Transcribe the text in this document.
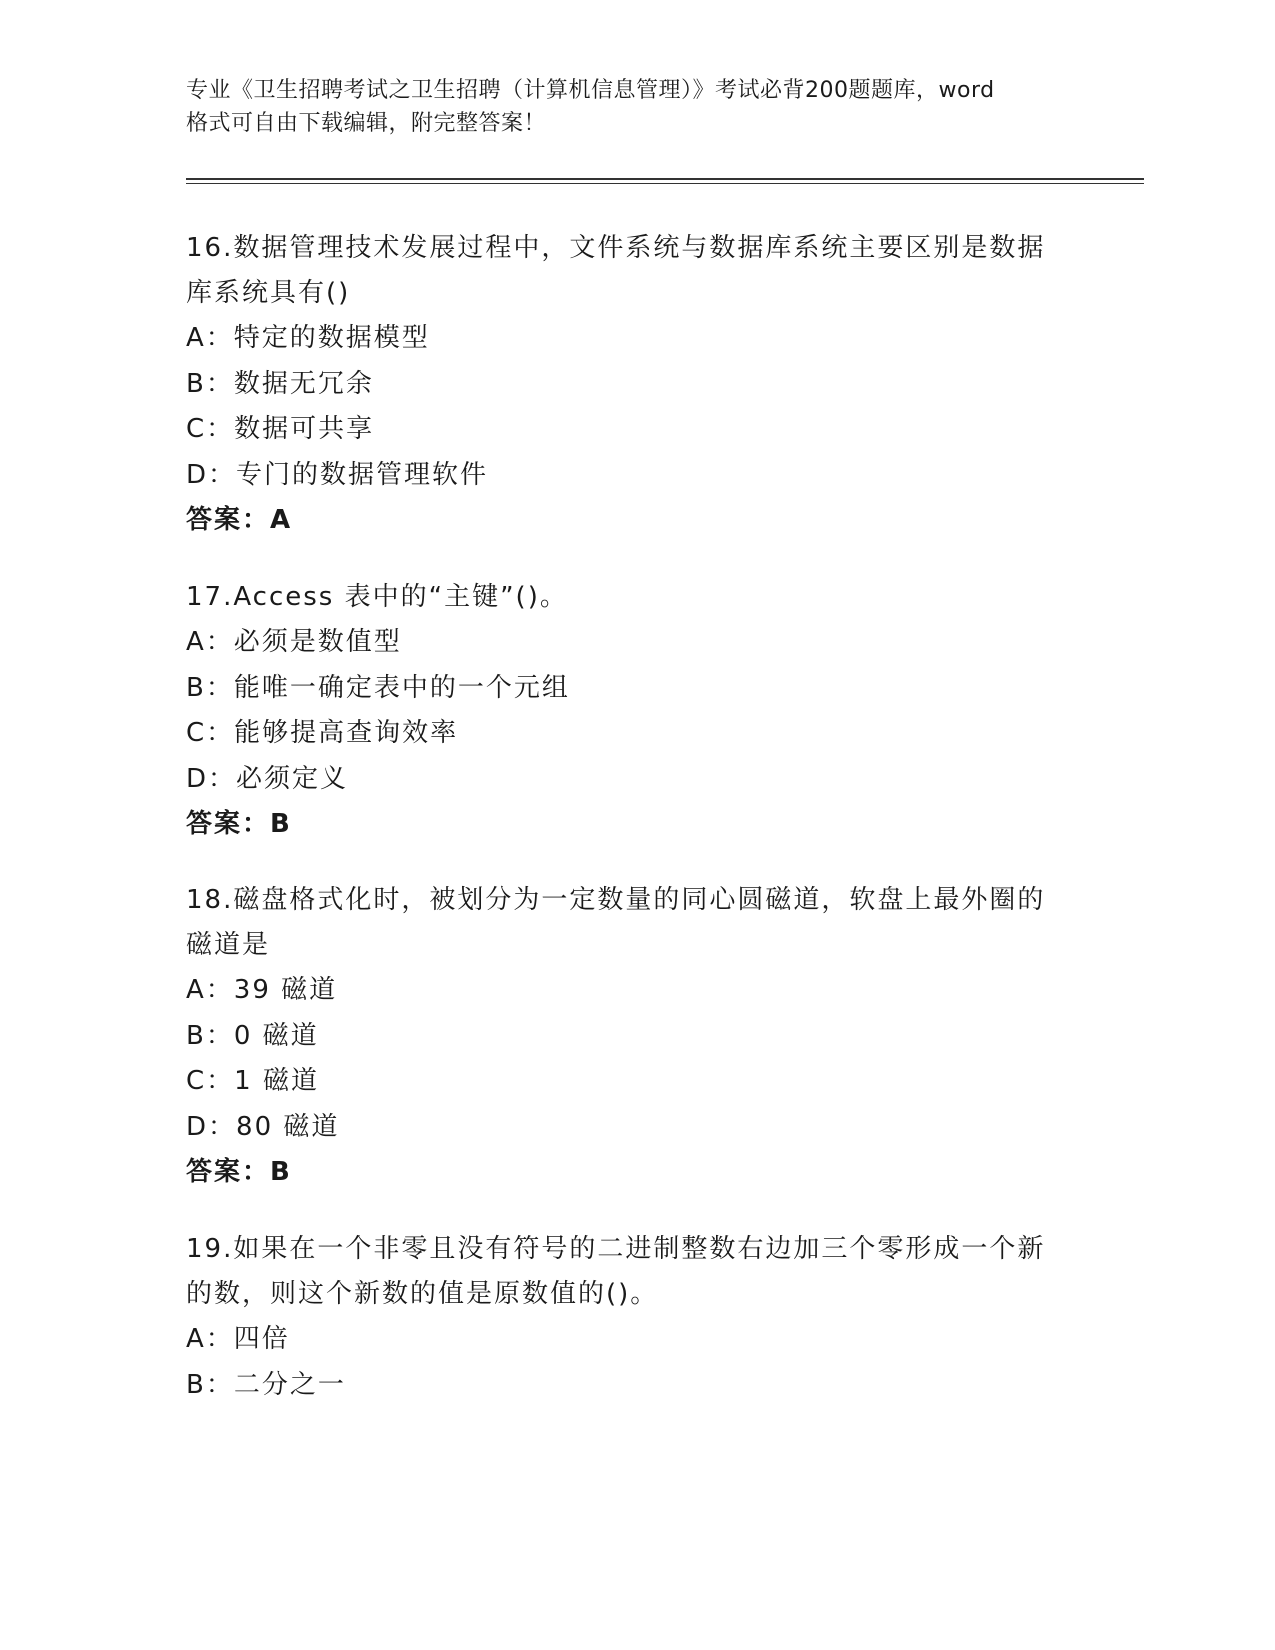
专业《卫生招聘考试之卫生招聘（计算机信息管理）》考试必背200题题库，word
格式可自由下载编辑，附完整答案！
16.数据管理技术发展过程中，文件系统与数据库系统主要区别是数据
库系统具有()
A：特定的数据模型
B：数据无冗余
C：数据可共享
D：专门的数据管理软件
答案：A
17.Access 表中的“主键”()。
A：必须是数值型
B：能唯一确定表中的一个元组
C：能够提高查询效率
D：必须定义
答案：B
18.磁盘格式化时，被划分为一定数量的同心圆磁道，软盘上最外圈的
磁道是
A：39 磁道
B：0 磁道
C：1 磁道
D：80 磁道
答案：B
19.如果在一个非零且没有符号的二进制整数右边加三个零形成一个新
的数，则这个新数的值是原数值的()。
A：四倍
B：二分之一
